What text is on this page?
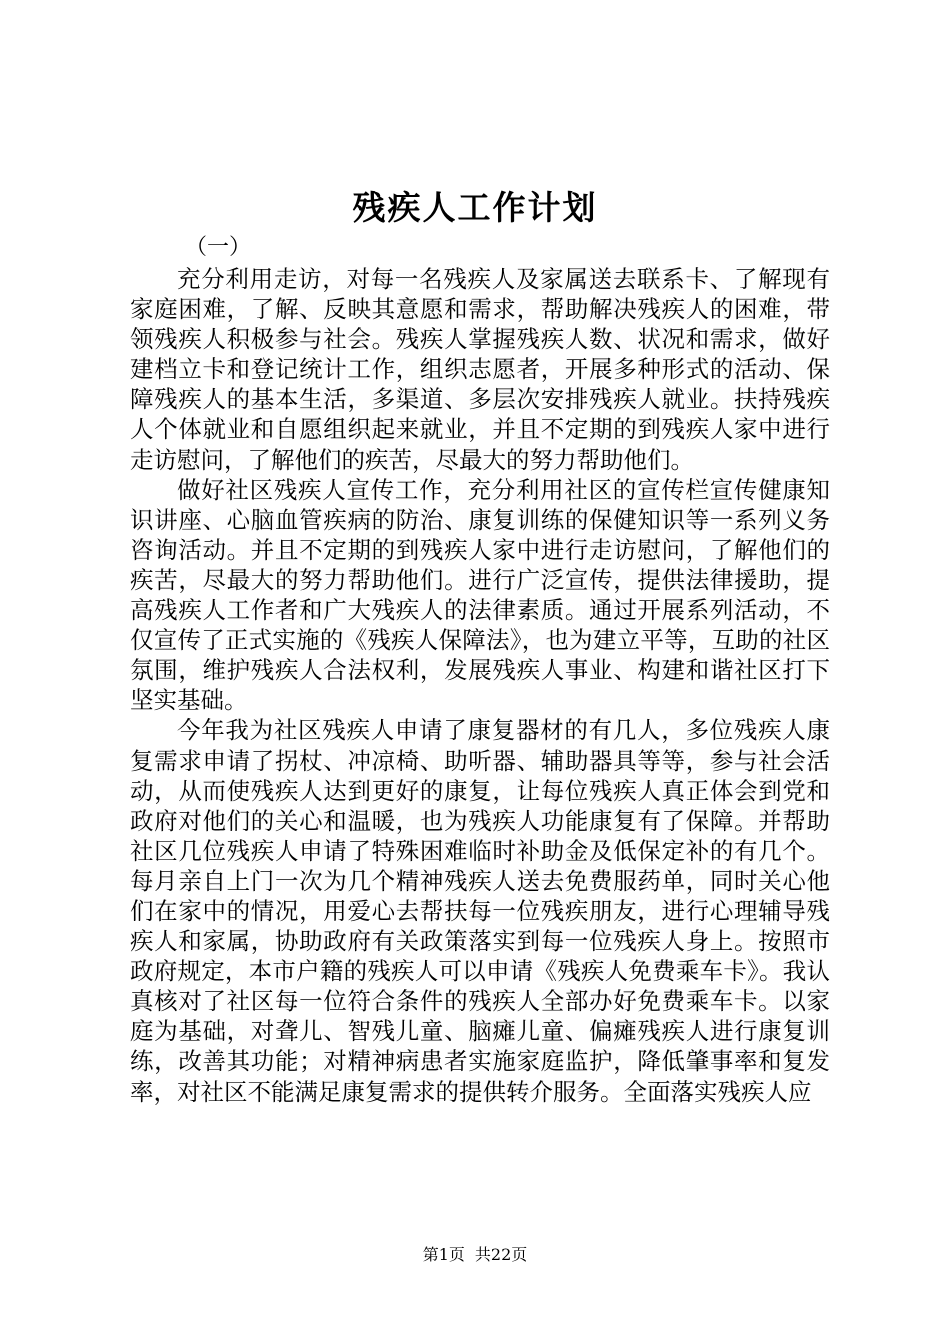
残疾人工作计划

（一）

充分利用走访，对每一名残疾人及家属送去联系卡、了解现有家庭困难，了解、反映其意愿和需求，帮助解决残疾人的困难，带领残疾人积极参与社会。残疾人掌握残疾人数、状况和需求，做好建档立卡和登记统计工作，组织志愿者，开展多种形式的活动、保障残疾人的基本生活，多渠道、多层次安排残疾人就业。扶持残疾人个体就业和自愿组织起来就业，并且不定期的到残疾人家中进行走访慰问，了解他们的疾苦，尽最大的努力帮助他们。

做好社区残疾人宣传工作，充分利用社区的宣传栏宣传健康知识讲座、心脑血管疾病的防治、康复训练的保健知识等一系列义务咨询活动。并且不定期的到残疾人家中进行走访慰问，了解他们的疾苦，尽最大的努力帮助他们。进行广泛宣传，提供法律援助，提高残疾人工作者和广大残疾人的法律素质。通过开展系列活动，不仅宣传了正式实施的《残疾人保障法》，也为建立平等，互助的社区氛围，维护残疾人合法权利，发展残疾人事业、构建和谐社区打下坚实基础。

今年我为社区残疾人申请了康复器材的有几人，多位残疾人康复需求申请了拐杖、冲凉椅、助听器、辅助器具等等，参与社会活动，从而使残疾人达到更好的康复，让每位残疾人真正体会到党和政府对他们的关心和温暖，也为残疾人功能康复有了保障。并帮助社区几位残疾人申请了特殊困难临时补助金及低保定补的有几个。每月亲自上门一次为几个精神残疾人送去免费服药单，同时关心他们在家中的情况，用爱心去帮扶每一位残疾朋友，进行心理辅导残疾人和家属，协助政府有关政策落实到每一位残疾人身上。按照市政府规定，本市户籍的残疾人可以申请《残疾人免费乘车卡》。我认真核对了社区每一位符合条件的残疾人全部办好免费乘车卡。以家庭为基础，对聋儿、智残儿童、脑瘫儿童、偏瘫残疾人进行康复训练，改善其功能；对精神病患者实施家庭监护，降低肇事率和复发率，对社区不能满足康复需求的提供转介服务。全面落实残疾人应

第1页 共22页
